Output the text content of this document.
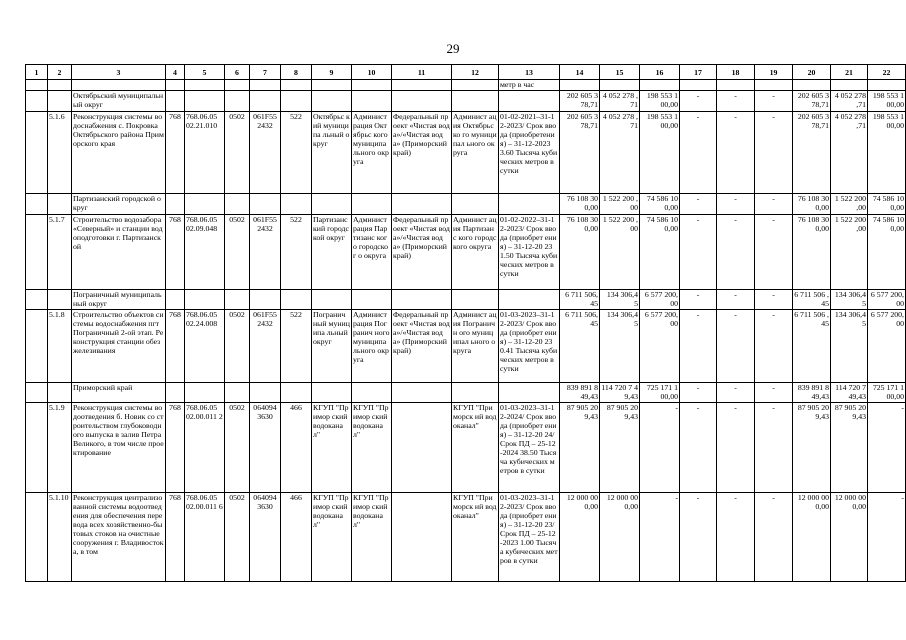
29
1	2	3	4	5	6	7	8	9	10	11	12	13	14	15	16	17	18	19	20	21	22
												метр в час									
		Октябрьский муниципальный округ											202 605 3 78,71	4 052 278 ,71	198 553 1 00,00	-	-	-	202 605 3 78,71	4 052 278 ,71	198 553 1 00,00
	5.1.6	Реконструкция системы водоснабжения с. Покровка Октябрьского района Приморского края	768	768.06.05 02.21.010	0502	061F55 2432	522	Октябрьс кий муниципа льный округ	Админист рация Октябрьс кого муниципа льного округа	Федеральный проект «Чистая вода»/«Чистая вода» (Приморский край)	Админист ация Октябрьско го муниципал ьного округа	01-02-2021–31-1 2-2023/ Срок ввода (приобретения) – 31-12-2023 3.60 Тысяча кубических метров в сутки	202 605 3 78,71	4 052 278 ,71	198 553 1 00,00	-	-	-	202 605 3 78,71	4 052 278 ,71	198 553 1 00,00
		Партизанский городской округ											76 108 30 0,00	1 522 200 ,00	74 586 10 0,00	-	-	-	76 108 30 0,00	1 522 200 ,00	74 586 10 0,00
	5.1.7	Строительство водозабора «Северный» и станции водоподготовки г. Партизанской	768	768.06.05 02.09.048	0502	061F55 2432	522	Партизанс кий городской округ	Админист рация Партизанс кого городског о округа	Федеральный проект «Чистая вода»/«Чистая вода» (Приморский край)	Админист ация Партизанс кого городского округа	01-02-2022–31-1 2-2023/ Срок ввода (приобрет ения) – 31-12-20 23 1.50 Тысяча кубических метров в сутки	76 108 30 0,00	1 522 200 ,00	74 586 10 0,00	-	-	-	76 108 30 0,00	1 522 200 ,00	74 586 10 0,00
		Пограничный муниципальный округ											6 711 506, 45	134 306,4 5	6 577 200, 00	-	-	-	6 711 506 ,45	134 306,4 5	6 577 200, 00
	5.1.8	Строительство объектов системы водоснабжения пгт Пограничный 2-ой этап. Реконструкция станции обезжелезивания	768	768.06.05 02.24.008	0502	061F55 2432	522	Погранич ный муниципа льный округ	Админист рация Погранич ного муниципа льного округа	Федеральный проект «Чистая вода»/«Чистая вода» (Приморский край)	Админист ация Пограничн ого муниципал ьного округа	01-03-2023–31-1 2-2023/ Срок ввода (приобрет ения) – 31-12-20 23 0.41 Тысяча кубических метров в сутки	6 711 506, 45	134 306,4 5	6 577 200, 00	-	-	-	6 711 506 ,45	134 306,4 5	6 577 200, 00
		Приморский край											839 891 8 49,43	114 720 7 49,43	725 171 1 00,00	-	-	-	839 891 8 49,43	114 720 7 49,43	725 171 1 00,00
	5.1.9	Реконструкция системы водоотведения б. Новик со строительством глубоководного выпуска в залив Петра Великого, в том числе проектирование	768	768.06.05 02.00.011 2	0502	064094 3630	466	КГУП "Примор ский водоканал"	КГУП "Примор ский водоканал"		КГУП "Приморск ий водоканал"	01-03-2023–31-1 2-2024/ Срок ввода (приобрет ения) – 31-12-20 24/ Срок ПД – 25-12-2024 38.50 Тысяча кубических метров в сутки	87 905 20 9,43	87 905 20 9,43	-	-	-	-	87 905 20 9,43	87 905 20 9,43	-
	5.1.10	Реконструкция централизованной системы водоотведения для обеспечения перевода всех хозяйственно-бытовых стоков на очистные сооружения г. Владивостока, в том	768	768.06.05 02.00.011 6	0502	064094 3630	466	КГУП "Примор ский водоканал"	КГУП "Примор ский водоканал"		КГУП "Приморск ий водоканал"	01-03-2023–31-1 2-2023/ Срок ввода (приобрет ения) – 31-12-20 23/ Срок ПД – 25-12-2023 1.00 Тысяча кубических метров в сутки	12 000 00 0,00	12 000 00 0,00	-	-	-	-	12 000 00 0,00	12 000 00 0,00	-
